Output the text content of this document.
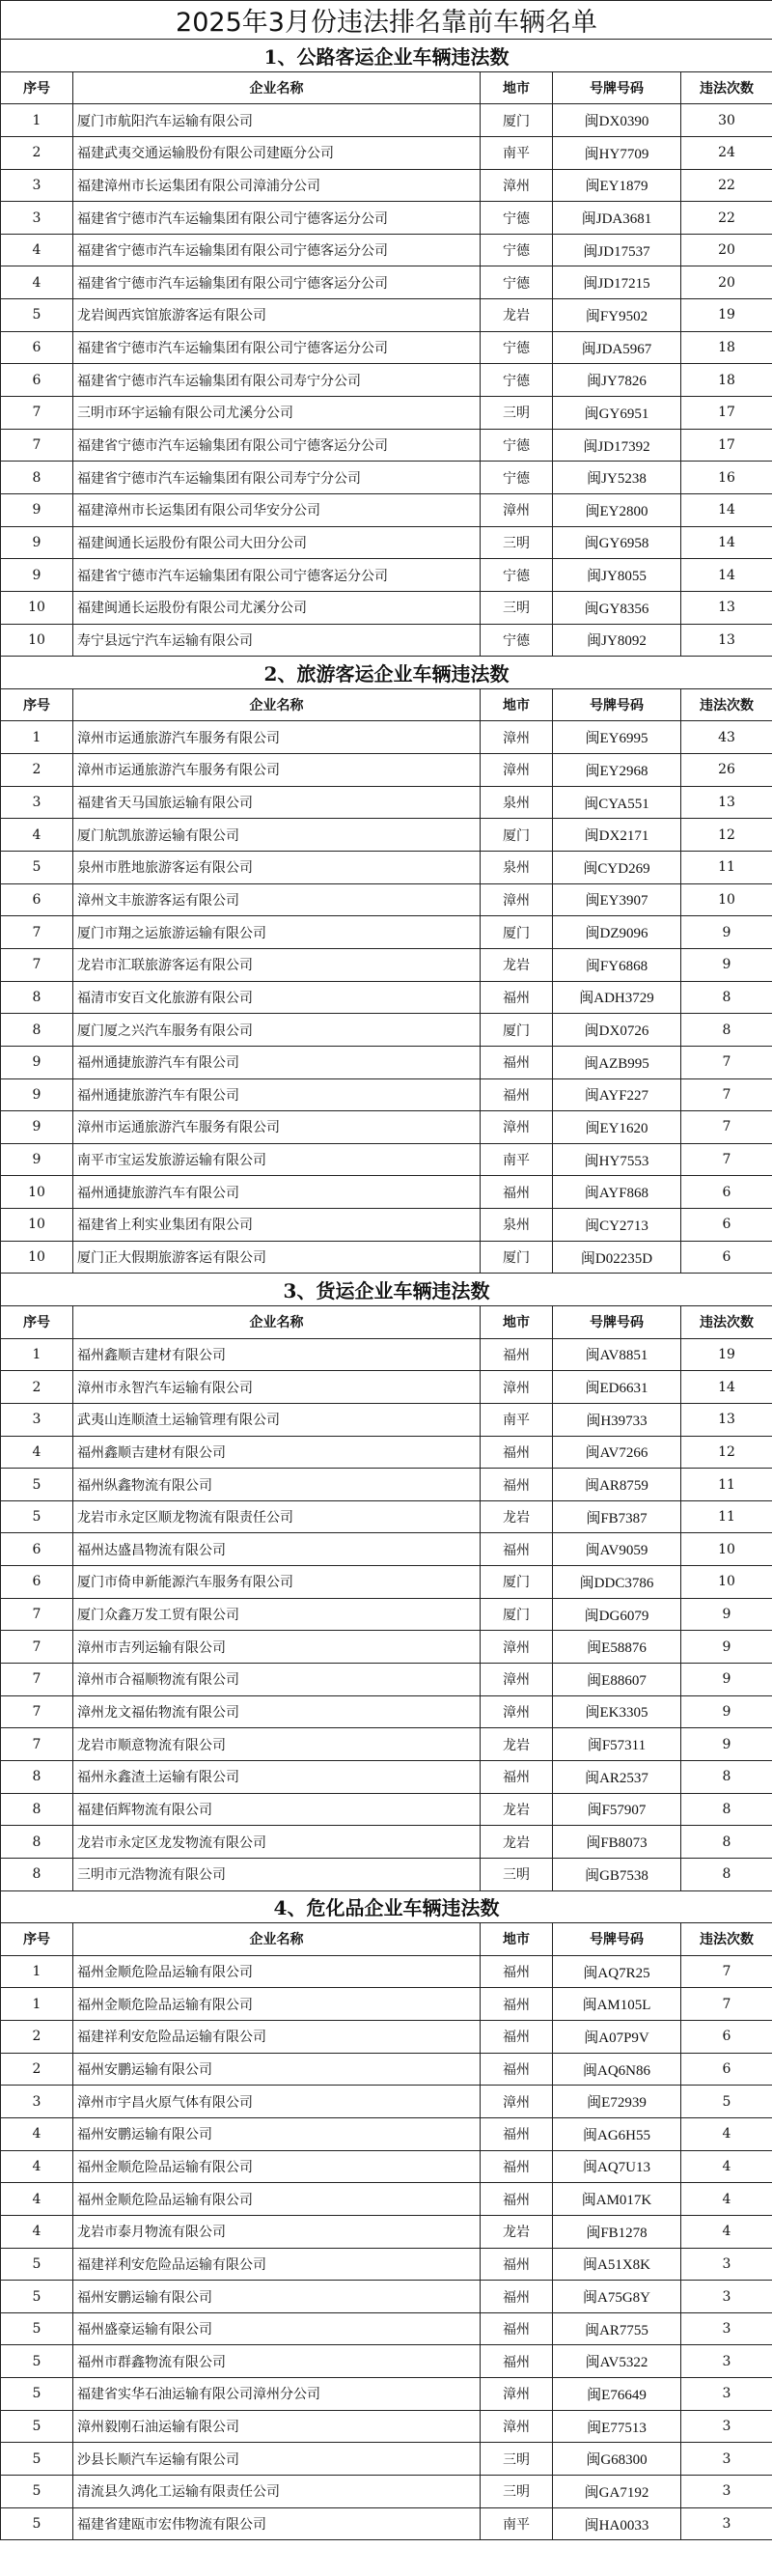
2025年3月份违法排名靠前车辆名单				
1、公路客运企业车辆违法数				
序号	企业名称	地市	号牌号码	违法次数
1	厦门市航阳汽车运输有限公司	厦门	闽DX0390	30
2	福建武夷交通运输股份有限公司建瓯分公司	南平	闽HY7709	24
3	福建漳州市长运集团有限公司漳浦分公司	漳州	闽EY1879	22
3	福建省宁德市汽车运输集团有限公司宁德客运分公司	宁德	闽JDA3681	22
4	福建省宁德市汽车运输集团有限公司宁德客运分公司	宁德	闽JD17537	20
4	福建省宁德市汽车运输集团有限公司宁德客运分公司	宁德	闽JD17215	20
5	龙岩闽西宾馆旅游客运有限公司	龙岩	闽FY9502	19
6	福建省宁德市汽车运输集团有限公司宁德客运分公司	宁德	闽JDA5967	18
6	福建省宁德市汽车运输集团有限公司寿宁分公司	宁德	闽JY7826	18
7	三明市环宇运输有限公司尤溪分公司	三明	闽GY6951	17
7	福建省宁德市汽车运输集团有限公司宁德客运分公司	宁德	闽JD17392	17
8	福建省宁德市汽车运输集团有限公司寿宁分公司	宁德	闽JY5238	16
9	福建漳州市长运集团有限公司华安分公司	漳州	闽EY2800	14
9	福建闽通长运股份有限公司大田分公司	三明	闽GY6958	14
9	福建省宁德市汽车运输集团有限公司宁德客运分公司	宁德	闽JY8055	14
10	福建闽通长运股份有限公司尤溪分公司	三明	闽GY8356	13
10	寿宁县远宁汽车运输有限公司	宁德	闽JY8092	13
2、旅游客运企业车辆违法数				
序号	企业名称	地市	号牌号码	违法次数
1	漳州市运通旅游汽车服务有限公司	漳州	闽EY6995	43
2	漳州市运通旅游汽车服务有限公司	漳州	闽EY2968	26
3	福建省天马国旅运输有限公司	泉州	闽CYA551	13
4	厦门航凯旅游运输有限公司	厦门	闽DX2171	12
5	泉州市胜地旅游客运有限公司	泉州	闽CYD269	11
6	漳州文丰旅游客运有限公司	漳州	闽EY3907	10
7	厦门市翔之运旅游运输有限公司	厦门	闽DZ9096	9
7	龙岩市汇联旅游客运有限公司	龙岩	闽FY6868	9
8	福清市安百文化旅游有限公司	福州	闽ADH3729	8
8	厦门厦之兴汽车服务有限公司	厦门	闽DX0726	8
9	福州通捷旅游汽车有限公司	福州	闽AZB995	7
9	福州通捷旅游汽车有限公司	福州	闽AYF227	7
9	漳州市运通旅游汽车服务有限公司	漳州	闽EY1620	7
9	南平市宝运发旅游运输有限公司	南平	闽HY7553	7
10	福州通捷旅游汽车有限公司	福州	闽AYF868	6
10	福建省上利实业集团有限公司	泉州	闽CY2713	6
10	厦门正大假期旅游客运有限公司	厦门	闽D02235D	6
3、货运企业车辆违法数				
序号	企业名称	地市	号牌号码	违法次数
1	福州鑫顺吉建材有限公司	福州	闽AV8851	19
2	漳州市永智汽车运输有限公司	漳州	闽ED6631	14
3	武夷山连顺渣土运输管理有限公司	南平	闽H39733	13
4	福州鑫顺吉建材有限公司	福州	闽AV7266	12
5	福州纵鑫物流有限公司	福州	闽AR8759	11
5	龙岩市永定区顺龙物流有限责任公司	龙岩	闽FB7387	11
6	福州达盛昌物流有限公司	福州	闽AV9059	10
6	厦门市倚申新能源汽车服务有限公司	厦门	闽DDC3786	10
7	厦门众鑫万发工贸有限公司	厦门	闽DG6079	9
7	漳州市吉列运输有限公司	漳州	闽E58876	9
7	漳州市合福顺物流有限公司	漳州	闽E88607	9
7	漳州龙文福佑物流有限公司	漳州	闽EK3305	9
7	龙岩市顺意物流有限公司	龙岩	闽F57311	9
8	福州永鑫渣土运输有限公司	福州	闽AR2537	8
8	福建佰辉物流有限公司	龙岩	闽F57907	8
8	龙岩市永定区龙发物流有限公司	龙岩	闽FB8073	8
8	三明市元浩物流有限公司	三明	闽GB7538	8
4、危化品企业车辆违法数				
序号	企业名称	地市	号牌号码	违法次数
1	福州金顺危险品运输有限公司	福州	闽AQ7R25	7
1	福州金顺危险品运输有限公司	福州	闽AM105L	7
2	福建祥利安危险品运输有限公司	福州	闽A07P9V	6
2	福州安鹏运输有限公司	福州	闽AQ6N86	6
3	漳州市宇昌火原气体有限公司	漳州	闽E72939	5
4	福州安鹏运输有限公司	福州	闽AG6H55	4
4	福州金顺危险品运输有限公司	福州	闽AQ7U13	4
4	福州金顺危险品运输有限公司	福州	闽AM017K	4
4	龙岩市泰月物流有限公司	龙岩	闽FB1278	4
5	福建祥利安危险品运输有限公司	福州	闽A51X8K	3
5	福州安鹏运输有限公司	福州	闽A75G8Y	3
5	福州盛豪运输有限公司	福州	闽AR7755	3
5	福州市群鑫物流有限公司	福州	闽AV5322	3
5	福建省实华石油运输有限公司漳州分公司	漳州	闽E76649	3
5	漳州毅刚石油运输有限公司	漳州	闽E77513	3
5	沙县长顺汽车运输有限公司	三明	闽G68300	3
5	清流县久鸿化工运输有限责任公司	三明	闽GA7192	3
5	福建省建瓯市宏伟物流有限公司	南平	闽HA0033	3
